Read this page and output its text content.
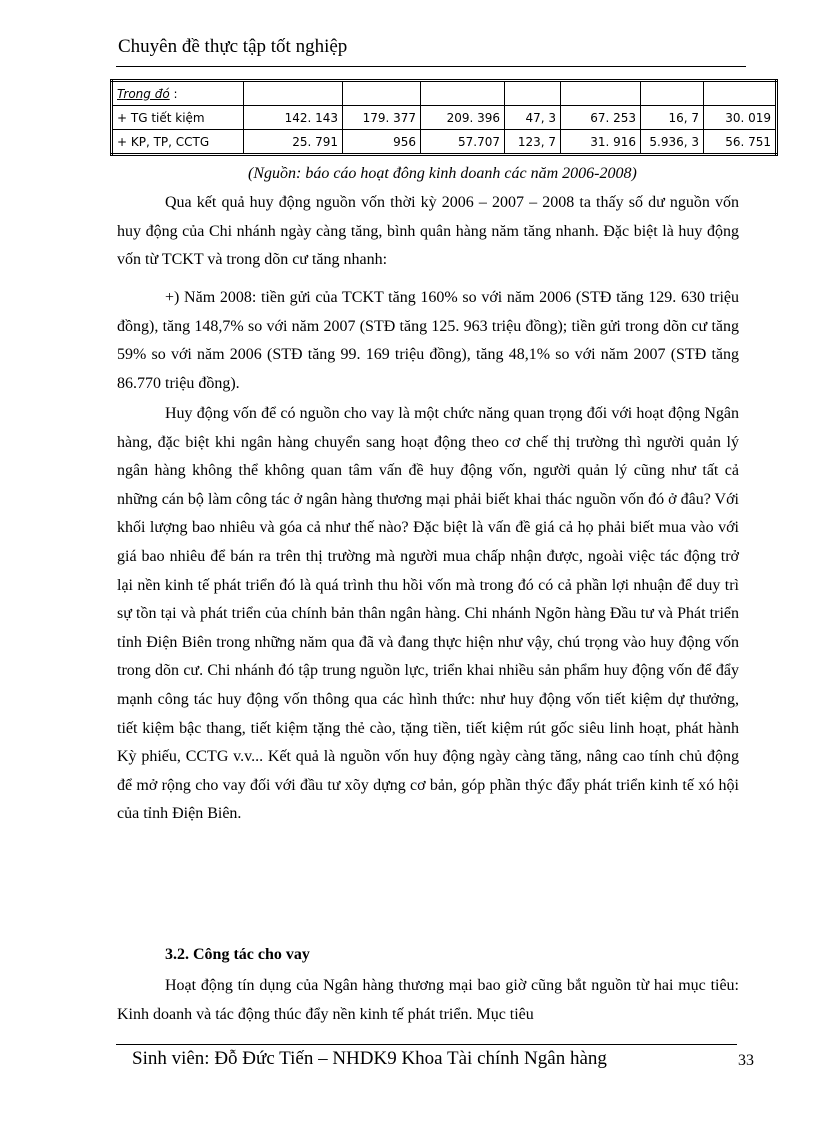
Chuyên đề thực tập tốt nghiệp
Trong đó :							
+ TG tiết kiệm	142. 143	179. 377	209. 396	47, 3	67. 253	16, 7	30. 019
+ KP, TP, CCTG	25. 791	956	57.707	123, 7	31. 916	5.936, 3	56. 751
(Nguồn: báo cáo hoạt đông kinh doanh các năm 2006-2008)

Qua kết quả huy động nguồn vốn thời kỳ 2006 – 2007 – 2008 ta thấy số dư nguồn vốn huy động của Chi nhánh ngày càng tăng, bình quân hàng năm tăng nhanh. Đặc biệt là huy động vốn từ TCKT và trong dõn cư tăng nhanh:

+) Năm 2008: tiền gửi của TCKT tăng 160% so với năm 2006 (STĐ tăng 129. 630 triệu đồng), tăng 148,7% so với năm 2007 (STĐ tăng 125. 963 triệu đồng); tiền gửi trong dõn cư tăng 59% so với năm 2006 (STĐ tăng 99. 169 triệu đồng), tăng 48,1% so với năm 2007 (STĐ tăng 86.770 triệu đồng).

Huy động vốn để có nguồn cho vay là một chức năng quan trọng đối với hoạt động Ngân hàng, đặc biệt khi ngân hàng chuyển sang hoạt động theo cơ chế thị trường thì người quản lý ngân hàng không thể không quan tâm vấn đề huy động vốn, người quản lý cũng như tất cả những cán bộ làm công tác ở ngân hàng thương mại phải biết khai thác nguồn vốn đó ở đâu? Với khối lượng bao nhiêu và góa cả như thế nào? Đặc biệt là vấn đề giá cả họ phải biết mua vào với giá bao nhiêu để bán ra trên thị trường mà người mua chấp nhận được, ngoài việc tác động trở lại nền kinh tế phát triển đó là quá trình thu hồi vốn mà trong đó có cả phần lợi nhuận để duy trì sự tồn tại và phát triển của chính bản thân ngân hàng. Chi nhánh Ngõn hàng Đầu tư và Phát triển tỉnh Điện Biên trong những năm qua đã và đang thực hiện như vậy, chú trọng vào huy động vốn trong dõn cư. Chi nhánh đó tập trung nguồn lực, triển khai nhiều sản phẩm huy động vốn để đẩy mạnh công tác huy động vốn thông qua các hình thức: như huy động vốn tiết kiệm dự thưởng, tiết kiệm bậc thang, tiết kiệm tặng thẻ cào, tặng tiền, tiết kiệm rút gốc siêu linh hoạt, phát hành Kỳ phiếu, CCTG v.v... Kết quả là nguồn vốn huy động ngày càng tăng, nâng cao tính chủ động để mở rộng cho vay đối với đầu tư xõy dựng cơ bản, góp phần thýc đẩy phát triển kinh tế xó hội của tỉnh Điện Biên.

3.2. Công tác cho vay

Hoạt động tín dụng của Ngân hàng thương mại bao giờ cũng bắt nguồn từ hai mục tiêu: Kinh doanh và tác động thúc đẩy nền kinh tế phát triển. Mục tiêu

Sinh viên: Đỗ Đức Tiến – NHDK9 Khoa Tài chính Ngân hàng	33
